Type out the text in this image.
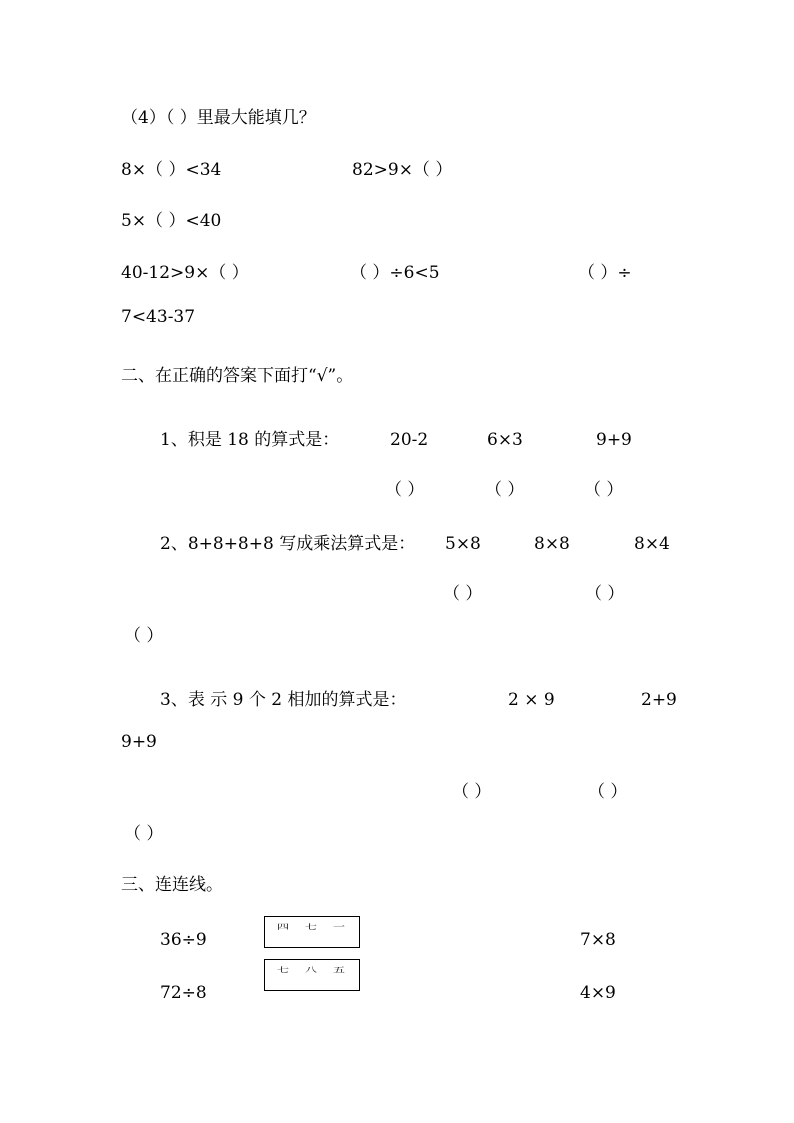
（4）（ ）里最大能填几？
8×（ ）<34	82>9×（ ）
5×（ ）<40
40-12>9×（ ）	（ ）÷6<5	（ ）÷
7<43-37
二、在正确的答案下面打“√”。
1、积是 18 的算式是：	20-2	6×3	9+9
（ ）	（ ）	（ ）
2、8+8+8+8 写成乘法算式是： 5×8	8×8	8×4
（ ）	（ ）
（ ）
3、表 示 9 个 2 相加的算式是：	2 × 9	2+9
9+9
（ ）	（ ）
（ ）
三、连连线。
36÷9
72÷8
四 七 一
七 八 五
7×8
4×9
